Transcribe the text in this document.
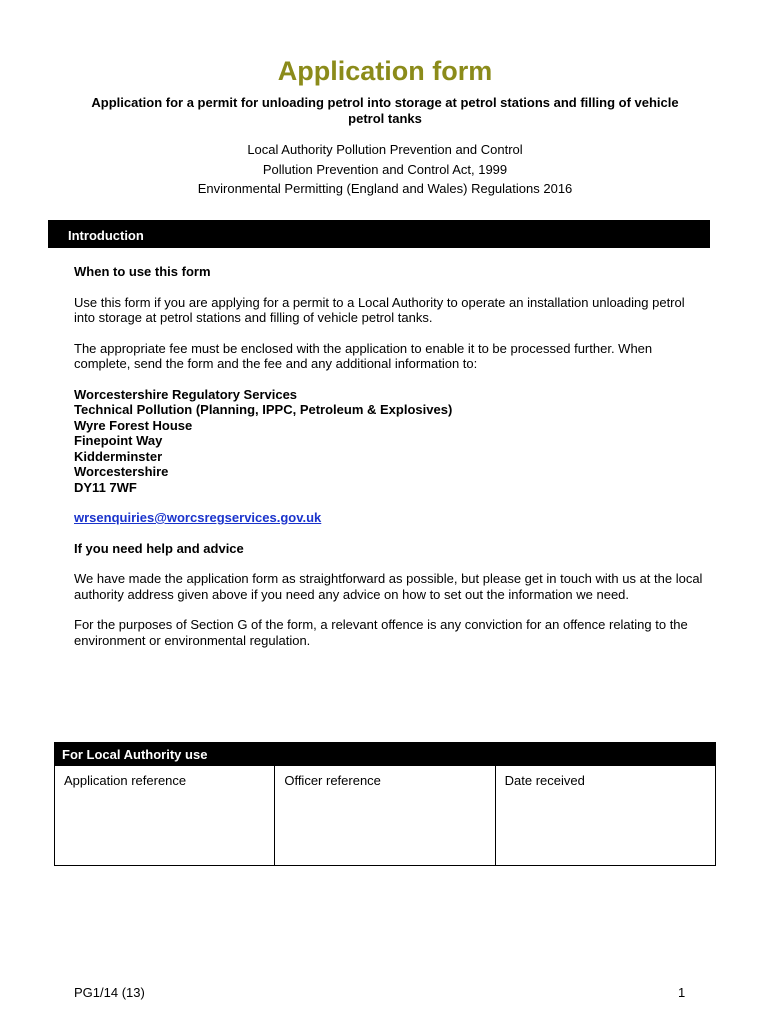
Application form
Application for a permit for unloading petrol into storage at petrol stations and filling of vehicle petrol tanks
Local Authority Pollution Prevention and Control
Pollution Prevention and Control Act, 1999
Environmental Permitting (England and Wales) Regulations 2016
Introduction

When to use this form

Use this form if you are applying for a permit to a Local Authority to operate an installation unloading petrol into storage at petrol stations and filling of vehicle petrol tanks.

The appropriate fee must be enclosed with the application to enable it to be processed further. When complete, send the form and the fee and any additional information to:

Worcestershire Regulatory Services
Technical Pollution (Planning, IPPC, Petroleum & Explosives)
Wyre Forest House
Finepoint Way
Kidderminster
Worcestershire
DY11 7WF

wrsenquiries@worcsregservices.gov.uk

If you need help and advice

We have made the application form as straightforward as possible, but please get in touch with us at the local authority address given above if you need any advice on how to set out the information we need.

For the purposes of Section G of the form, a relevant offence is any conviction for an offence relating to the environment or environmental regulation.

For Local Authority use
Application reference	Officer reference	Date received
PG1/14 (13)	1
